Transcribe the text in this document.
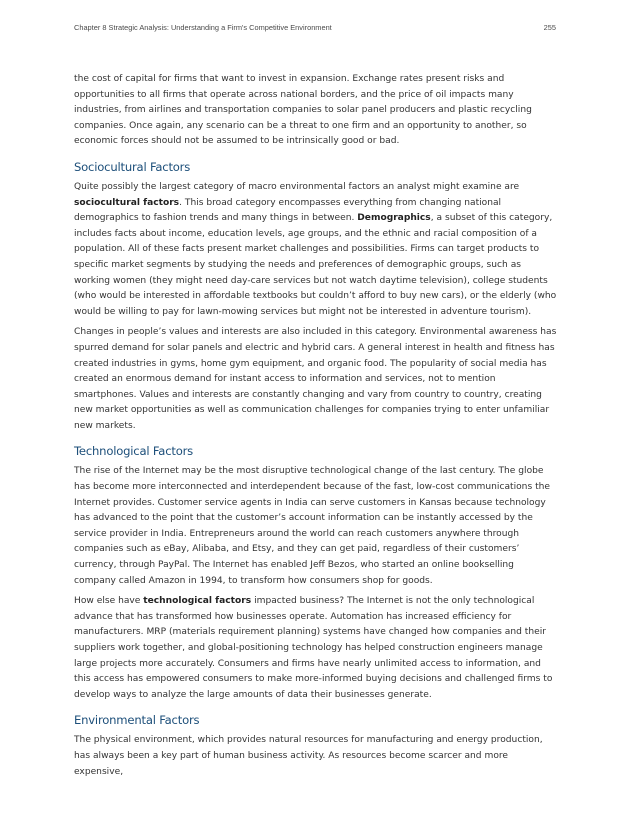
Chapter 8 Strategic Analysis: Understanding a Firm's Competitive Environment	255

the cost of capital for firms that want to invest in expansion. Exchange rates present risks and opportunities to all firms that operate across national borders, and the price of oil impacts many industries, from airlines and transportation companies to solar panel producers and plastic recycling companies. Once again, any scenario can be a threat to one firm and an opportunity to another, so economic forces should not be assumed to be intrinsically good or bad.

Sociocultural Factors

Quite possibly the largest category of macro environmental factors an analyst might examine are sociocultural factors. This broad category encompasses everything from changing national demographics to fashion trends and many things in between. Demographics, a subset of this category, includes facts about income, education levels, age groups, and the ethnic and racial composition of a population. All of these facts present market challenges and possibilities. Firms can target products to specific market segments by studying the needs and preferences of demographic groups, such as working women (they might need day-care services but not watch daytime television), college students (who would be interested in affordable textbooks but couldn’t afford to buy new cars), or the elderly (who would be willing to pay for lawn-mowing services but might not be interested in adventure tourism).

Changes in people’s values and interests are also included in this category. Environmental awareness has spurred demand for solar panels and electric and hybrid cars. A general interest in health and fitness has created industries in gyms, home gym equipment, and organic food. The popularity of social media has created an enormous demand for instant access to information and services, not to mention smartphones. Values and interests are constantly changing and vary from country to country, creating new market opportunities as well as communication challenges for companies trying to enter unfamiliar new markets.

Technological Factors

The rise of the Internet may be the most disruptive technological change of the last century. The globe has become more interconnected and interdependent because of the fast, low-cost communications the Internet provides. Customer service agents in India can serve customers in Kansas because technology has advanced to the point that the customer’s account information can be instantly accessed by the service provider in India. Entrepreneurs around the world can reach customers anywhere through companies such as eBay, Alibaba, and Etsy, and they can get paid, regardless of their customers’ currency, through PayPal. The Internet has enabled Jeff Bezos, who started an online bookselling company called Amazon in 1994, to transform how consumers shop for goods.

How else have technological factors impacted business? The Internet is not the only technological advance that has transformed how businesses operate. Automation has increased efficiency for manufacturers. MRP (materials requirement planning) systems have changed how companies and their suppliers work together, and global-positioning technology has helped construction engineers manage large projects more accurately. Consumers and firms have nearly unlimited access to information, and this access has empowered consumers to make more-informed buying decisions and challenged firms to develop ways to analyze the large amounts of data their businesses generate.

Environmental Factors

The physical environment, which provides natural resources for manufacturing and energy production, has always been a key part of human business activity. As resources become scarcer and more expensive,
